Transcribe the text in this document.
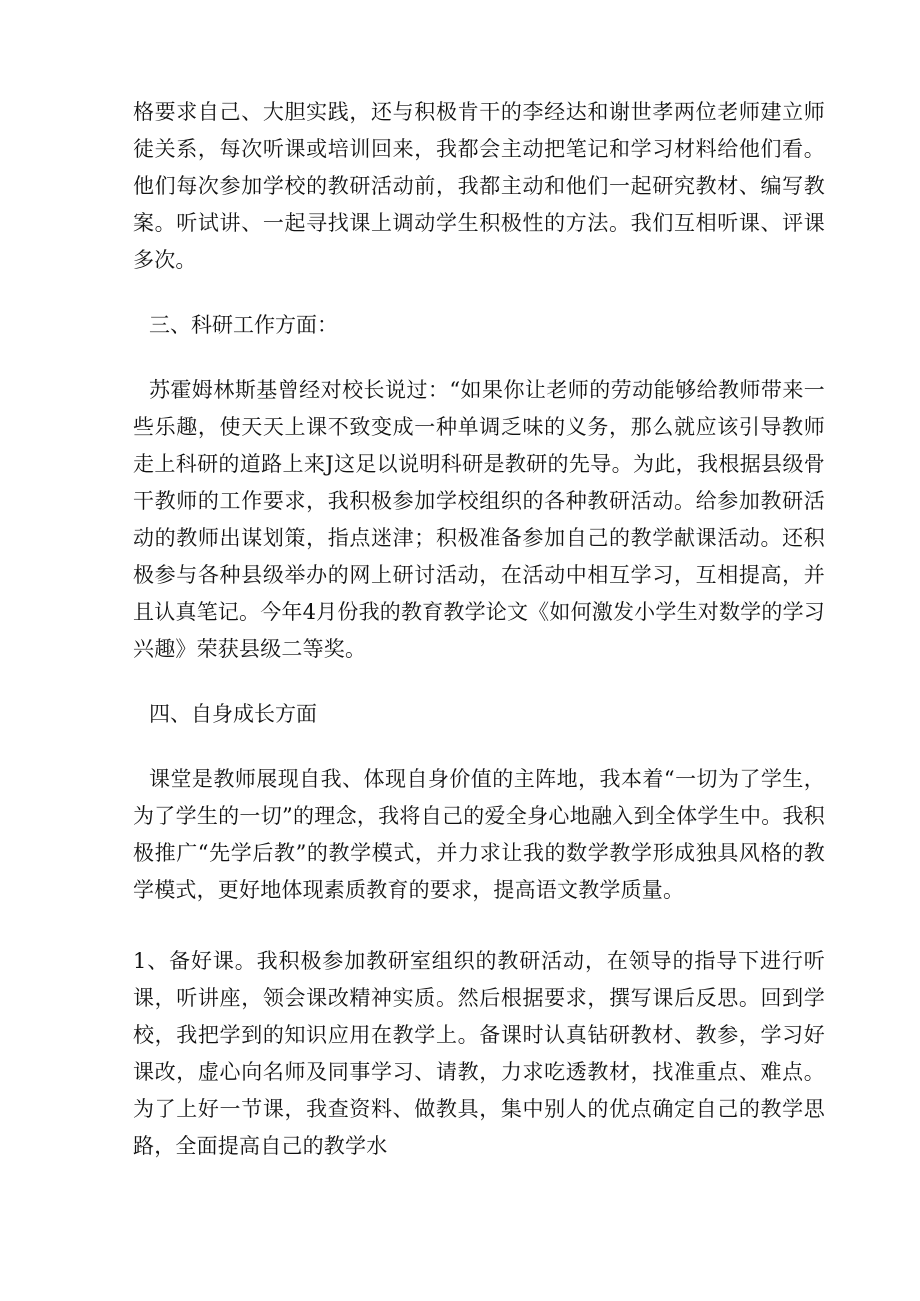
格要求自己、大胆实践，还与积极肯干的李经达和谢世孝两位老师建立师徒关系，每次听课或培训回来，我都会主动把笔记和学习材料给他们看。他们每次参加学校的教研活动前，我都主动和他们一起研究教材、编写教案。听试讲、一起寻找课上调动学生积极性的方法。我们互相听课、评课多次。

三、科研工作方面：

苏霍姆林斯基曾经对校长说过：“如果你让老师的劳动能够给教师带来一些乐趣，使天天上课不致变成一种单调乏味的义务，那么就应该引导教师走上科研的道路上来J这足以说明科研是教研的先导。为此，我根据县级骨干教师的工作要求，我积极参加学校组织的各种教研活动。给参加教研活动的教师出谋划策，指点迷津；积极准备参加自己的教学献课活动。还积极参与各种县级举办的网上研讨活动，在活动中相互学习，互相提高，并且认真笔记。今年4月份我的教育教学论文《如何激发小学生对数学的学习兴趣》荣获县级二等奖。

四、自身成长方面

课堂是教师展现自我、体现自身价值的主阵地，我本着“一切为了学生，为了学生的一切”的理念，我将自己的爱全身心地融入到全体学生中。我积极推广“先学后教”的教学模式，并力求让我的数学教学形成独具风格的教学模式，更好地体现素质教育的要求，提高语文教学质量。

1、备好课。我积极参加教研室组织的教研活动，在领导的指导下进行听课，听讲座，领会课改精神实质。然后根据要求，撰写课后反思。回到学校，我把学到的知识应用在教学上。备课时认真钻研教材、教参，学习好课改，虚心向名师及同事学习、请教，力求吃透教材，找准重点、难点。为了上好一节课，我查资料、做教具，集中别人的优点确定自己的教学思路，全面提高自己的教学水
